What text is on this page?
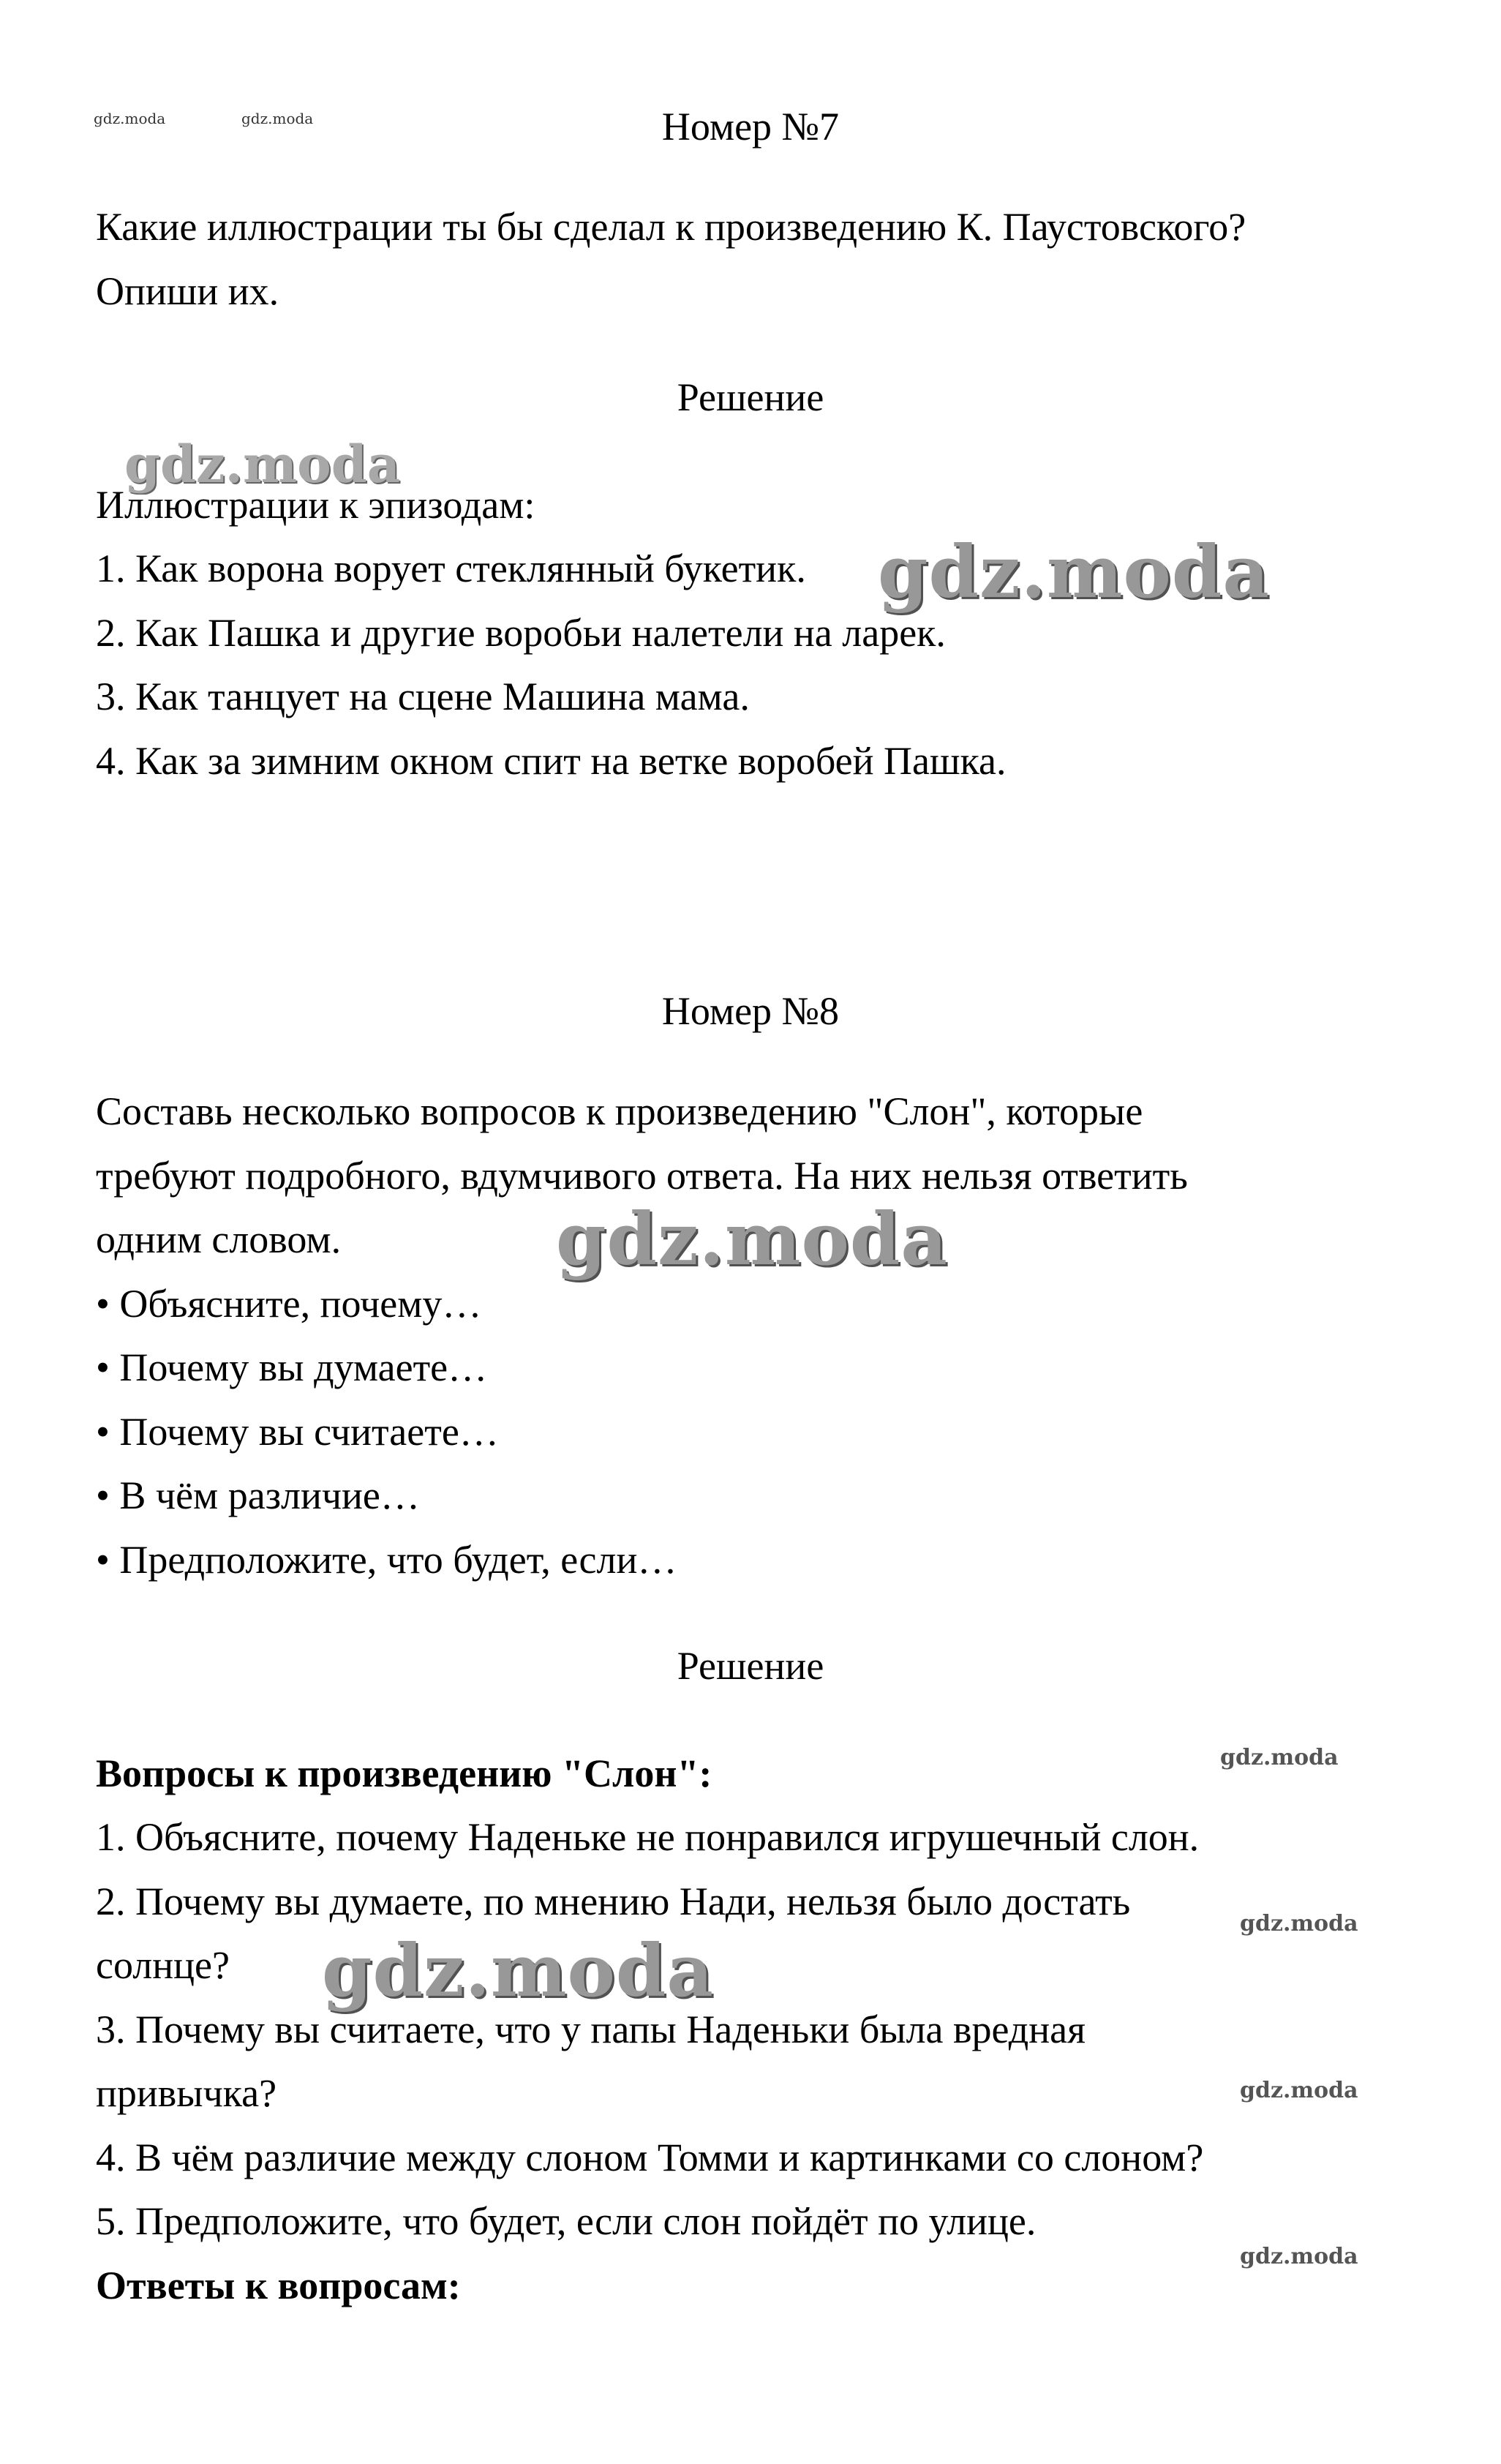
gdz.moda	gdz.moda	Номер №7
Какие иллюстрации ты бы сделал к произведению К. Паустовского?
Опиши их.
Решение
Иллюстрации к эпизодам:
1. Как ворона ворует стеклянный букетик.
2. Как Пашка и другие воробьи налетели на ларек.
3. Как танцует на сцене Машина мама.
4. Как за зимним окном спит на ветке воробей Пашка.
Номер №8
Составь несколько вопросов к произведению "Слон", которые
требуют подробного, вдумчивого ответа. На них нельзя ответить
одним словом.
• Объясните, почему…
• Почему вы думаете…
• Почему вы считаете…
• В чём различие…
• Предположите, что будет, если…
Решение
Вопросы к произведению "Слон":
1. Объясните, почему Наденьке не понравился игрушечный слон.
2. Почему вы думаете, по мнению Нади, нельзя было достать
солнце?
3. Почему вы считаете, что у папы Наденьки была вредная
привычка?
4. В чём различие между слоном Томми и картинками со слоном?
5. Предположите, что будет, если слон пойдёт по улице.
Ответы к вопросам:
gdz.moda
gdz.moda
gdz.moda
gdz.moda
gdz.moda
gdz.moda
gdz.moda
gdz.moda
